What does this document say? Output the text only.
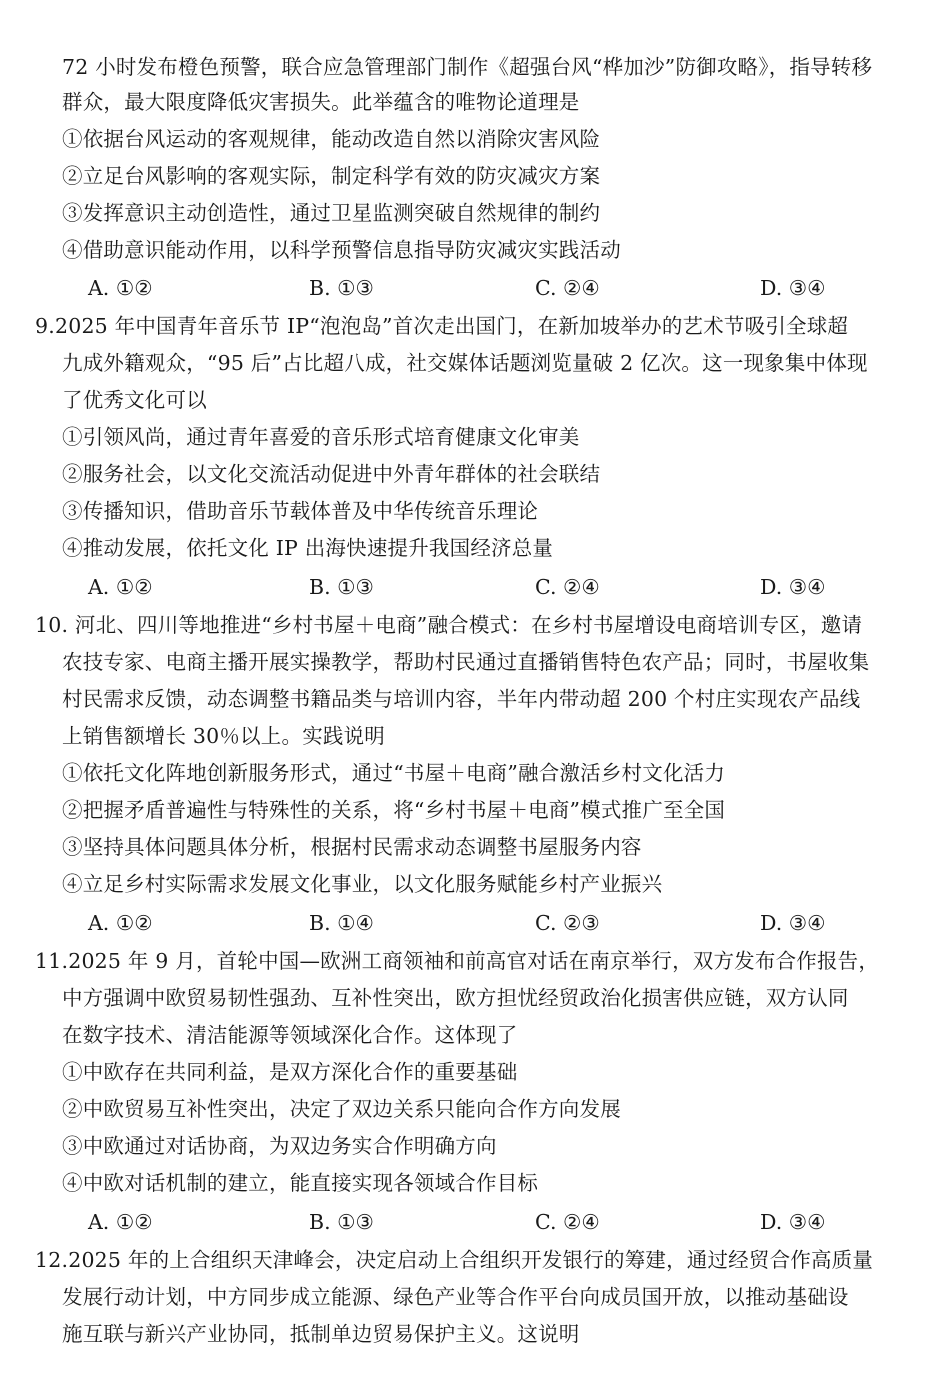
72 小时发布橙色预警，联合应急管理部门制作《超强台风“桦加沙”防御攻略》，指导转移
群众，最大限度降低灾害损失。此举蕴含的唯物论道理是
①依据台风运动的客观规律，能动改造自然以消除灾害风险
②立足台风影响的客观实际，制定科学有效的防灾减灾方案
③发挥意识主动创造性，通过卫星监测突破自然规律的制约
④借助意识能动作用，以科学预警信息指导防灾减灾实践活动
A. ①②	B. ①③	C. ②④	D. ③④
9.2025 年中国青年音乐节 IP“泡泡岛”首次走出国门，在新加坡举办的艺术节吸引全球超
九成外籍观众，“95 后”占比超八成，社交媒体话题浏览量破 2 亿次。这一现象集中体现
了优秀文化可以
①引领风尚，通过青年喜爱的音乐形式培育健康文化审美
②服务社会，以文化交流活动促进中外青年群体的社会联结
③传播知识，借助音乐节载体普及中华传统音乐理论
④推动发展，依托文化 IP 出海快速提升我国经济总量
A. ①②	B. ①③	C. ②④	D. ③④
10. 河北、四川等地推进“乡村书屋＋电商”融合模式：在乡村书屋增设电商培训专区，邀请
农技专家、电商主播开展实操教学，帮助村民通过直播销售特色农产品；同时，书屋收集
村民需求反馈，动态调整书籍品类与培训内容，半年内带动超 200 个村庄实现农产品线
上销售额增长 30％以上。实践说明
①依托文化阵地创新服务形式，通过“书屋＋电商”融合激活乡村文化活力
②把握矛盾普遍性与特殊性的关系，将“乡村书屋＋电商”模式推广至全国
③坚持具体问题具体分析，根据村民需求动态调整书屋服务内容
④立足乡村实际需求发展文化事业，以文化服务赋能乡村产业振兴
A. ①②	B. ①④	C. ②③	D. ③④
11.2025 年 9 月，首轮中国—欧洲工商领袖和前高官对话在南京举行，双方发布合作报告，
中方强调中欧贸易韧性强劲、互补性突出，欧方担忧经贸政治化损害供应链，双方认同
在数字技术、清洁能源等领域深化合作。这体现了
①中欧存在共同利益，是双方深化合作的重要基础
②中欧贸易互补性突出，决定了双边关系只能向合作方向发展
③中欧通过对话协商，为双边务实合作明确方向
④中欧对话机制的建立，能直接实现各领域合作目标
A. ①②	B. ①③	C. ②④	D. ③④
12.2025 年的上合组织天津峰会，决定启动上合组织开发银行的筹建，通过经贸合作高质量
发展行动计划，中方同步成立能源、绿色产业等合作平台向成员国开放，以推动基础设
施互联与新兴产业协同，抵制单边贸易保护主义。这说明
